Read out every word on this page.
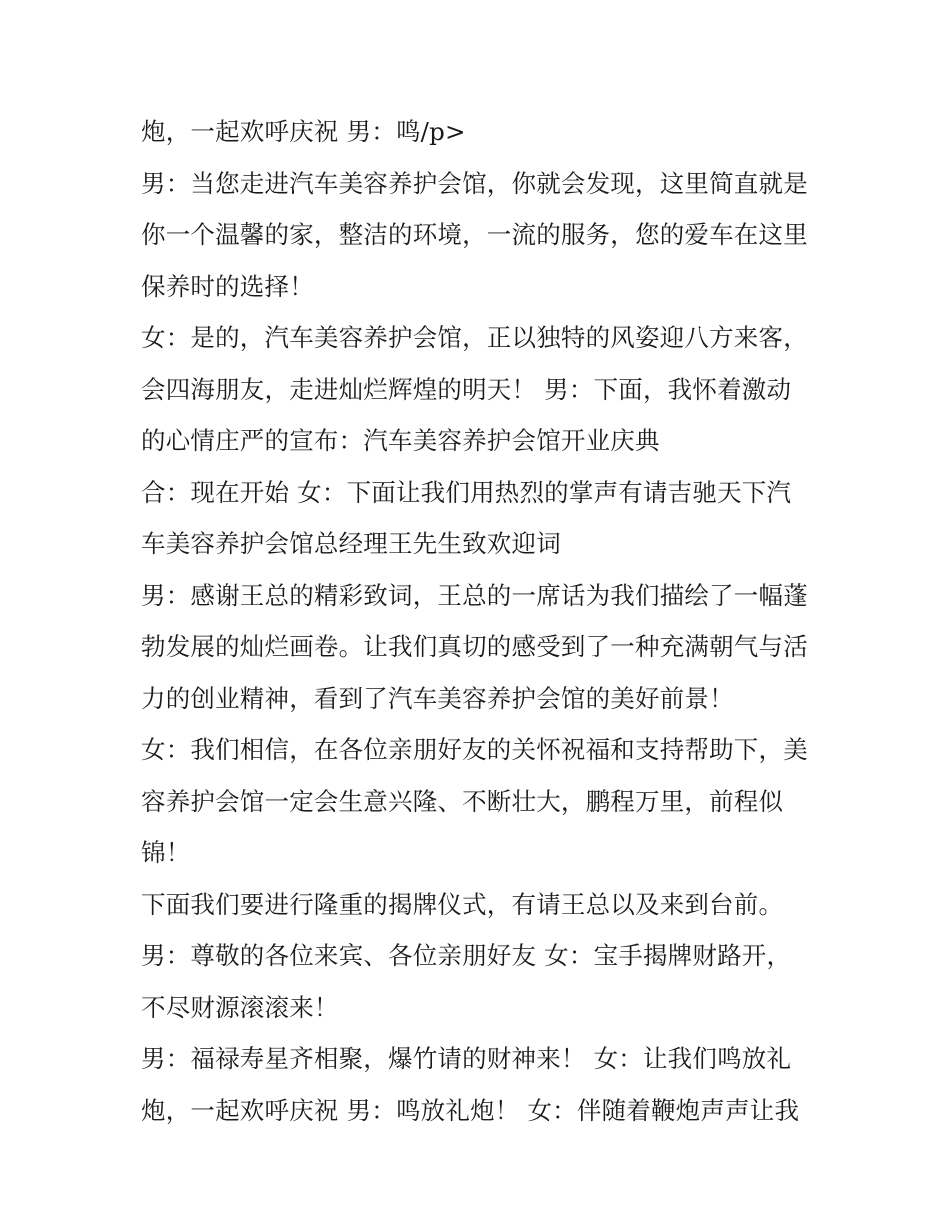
炮，一起欢呼庆祝 男：鸣/p>
男：当您走进汽车美容养护会馆，你就会发现，这里简直就是
你一个温馨的家，整洁的环境，一流的服务，您的爱车在这里
保养时的选择！
女：是的，汽车美容养护会馆，正以独特的风姿迎八方来客，
会四海朋友，走进灿烂辉煌的明天！ 男：下面，我怀着激动
的心情庄严的宣布：汽车美容养护会馆开业庆典
合：现在开始 女：下面让我们用热烈的掌声有请吉驰天下汽
车美容养护会馆总经理王先生致欢迎词
男：感谢王总的精彩致词，王总的一席话为我们描绘了一幅蓬
勃发展的灿烂画卷。让我们真切的感受到了一种充满朝气与活
力的创业精神，看到了汽车美容养护会馆的美好前景！
女：我们相信，在各位亲朋好友的关怀祝福和支持帮助下，美
容养护会馆一定会生意兴隆、不断壮大，鹏程万里，前程似
锦！
下面我们要进行隆重的揭牌仪式，有请王总以及来到台前。
男：尊敬的各位来宾、各位亲朋好友 女：宝手揭牌财路开，
不尽财源滚滚来！
男：福禄寿星齐相聚，爆竹请的财神来！ 女：让我们鸣放礼
炮，一起欢呼庆祝 男：鸣放礼炮！ 女：伴随着鞭炮声声让我
